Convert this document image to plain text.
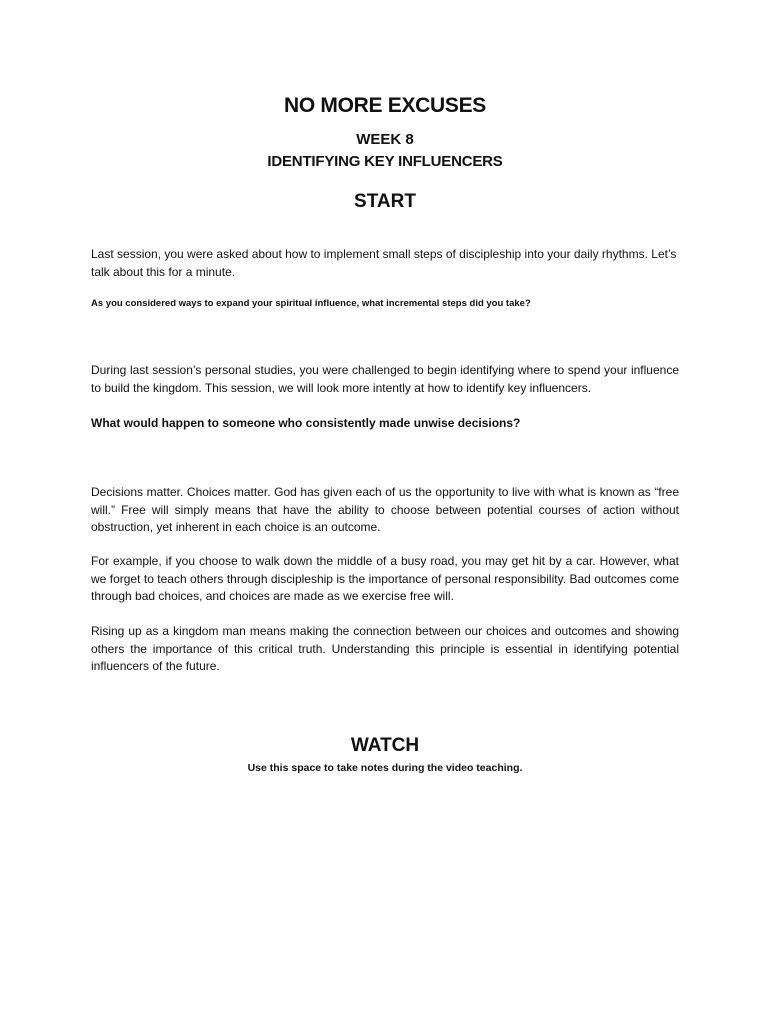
NO MORE EXCUSES
WEEK 8
IDENTIFYING KEY INFLUENCERS
START

Last session, you were asked about how to implement small steps of discipleship into your daily rhythms. Let’s talk about this for a minute.

As you considered ways to expand your spiritual influence, what incremental steps did you take?

During last session’s personal studies, you were challenged to begin identifying where to spend your influence to build the kingdom. This session, we will look more intently at how to identify key influencers.

What would happen to someone who consistently made unwise decisions?

Decisions matter. Choices matter. God has given each of us the opportunity to live with what is known as “free will.” Free will simply means that have the ability to choose between potential courses of action without obstruction, yet inherent in each choice is an outcome.

For example, if you choose to walk down the middle of a busy road, you may get hit by a car. However, what we forget to teach others through discipleship is the importance of personal responsibility. Bad outcomes come through bad choices, and choices are made as we exercise free will.

Rising up as a kingdom man means making the connection between our choices and outcomes and showing others the importance of this critical truth. Understanding this principle is essential in identifying potential influencers of the future.

WATCH
Use this space to take notes during the video teaching.
